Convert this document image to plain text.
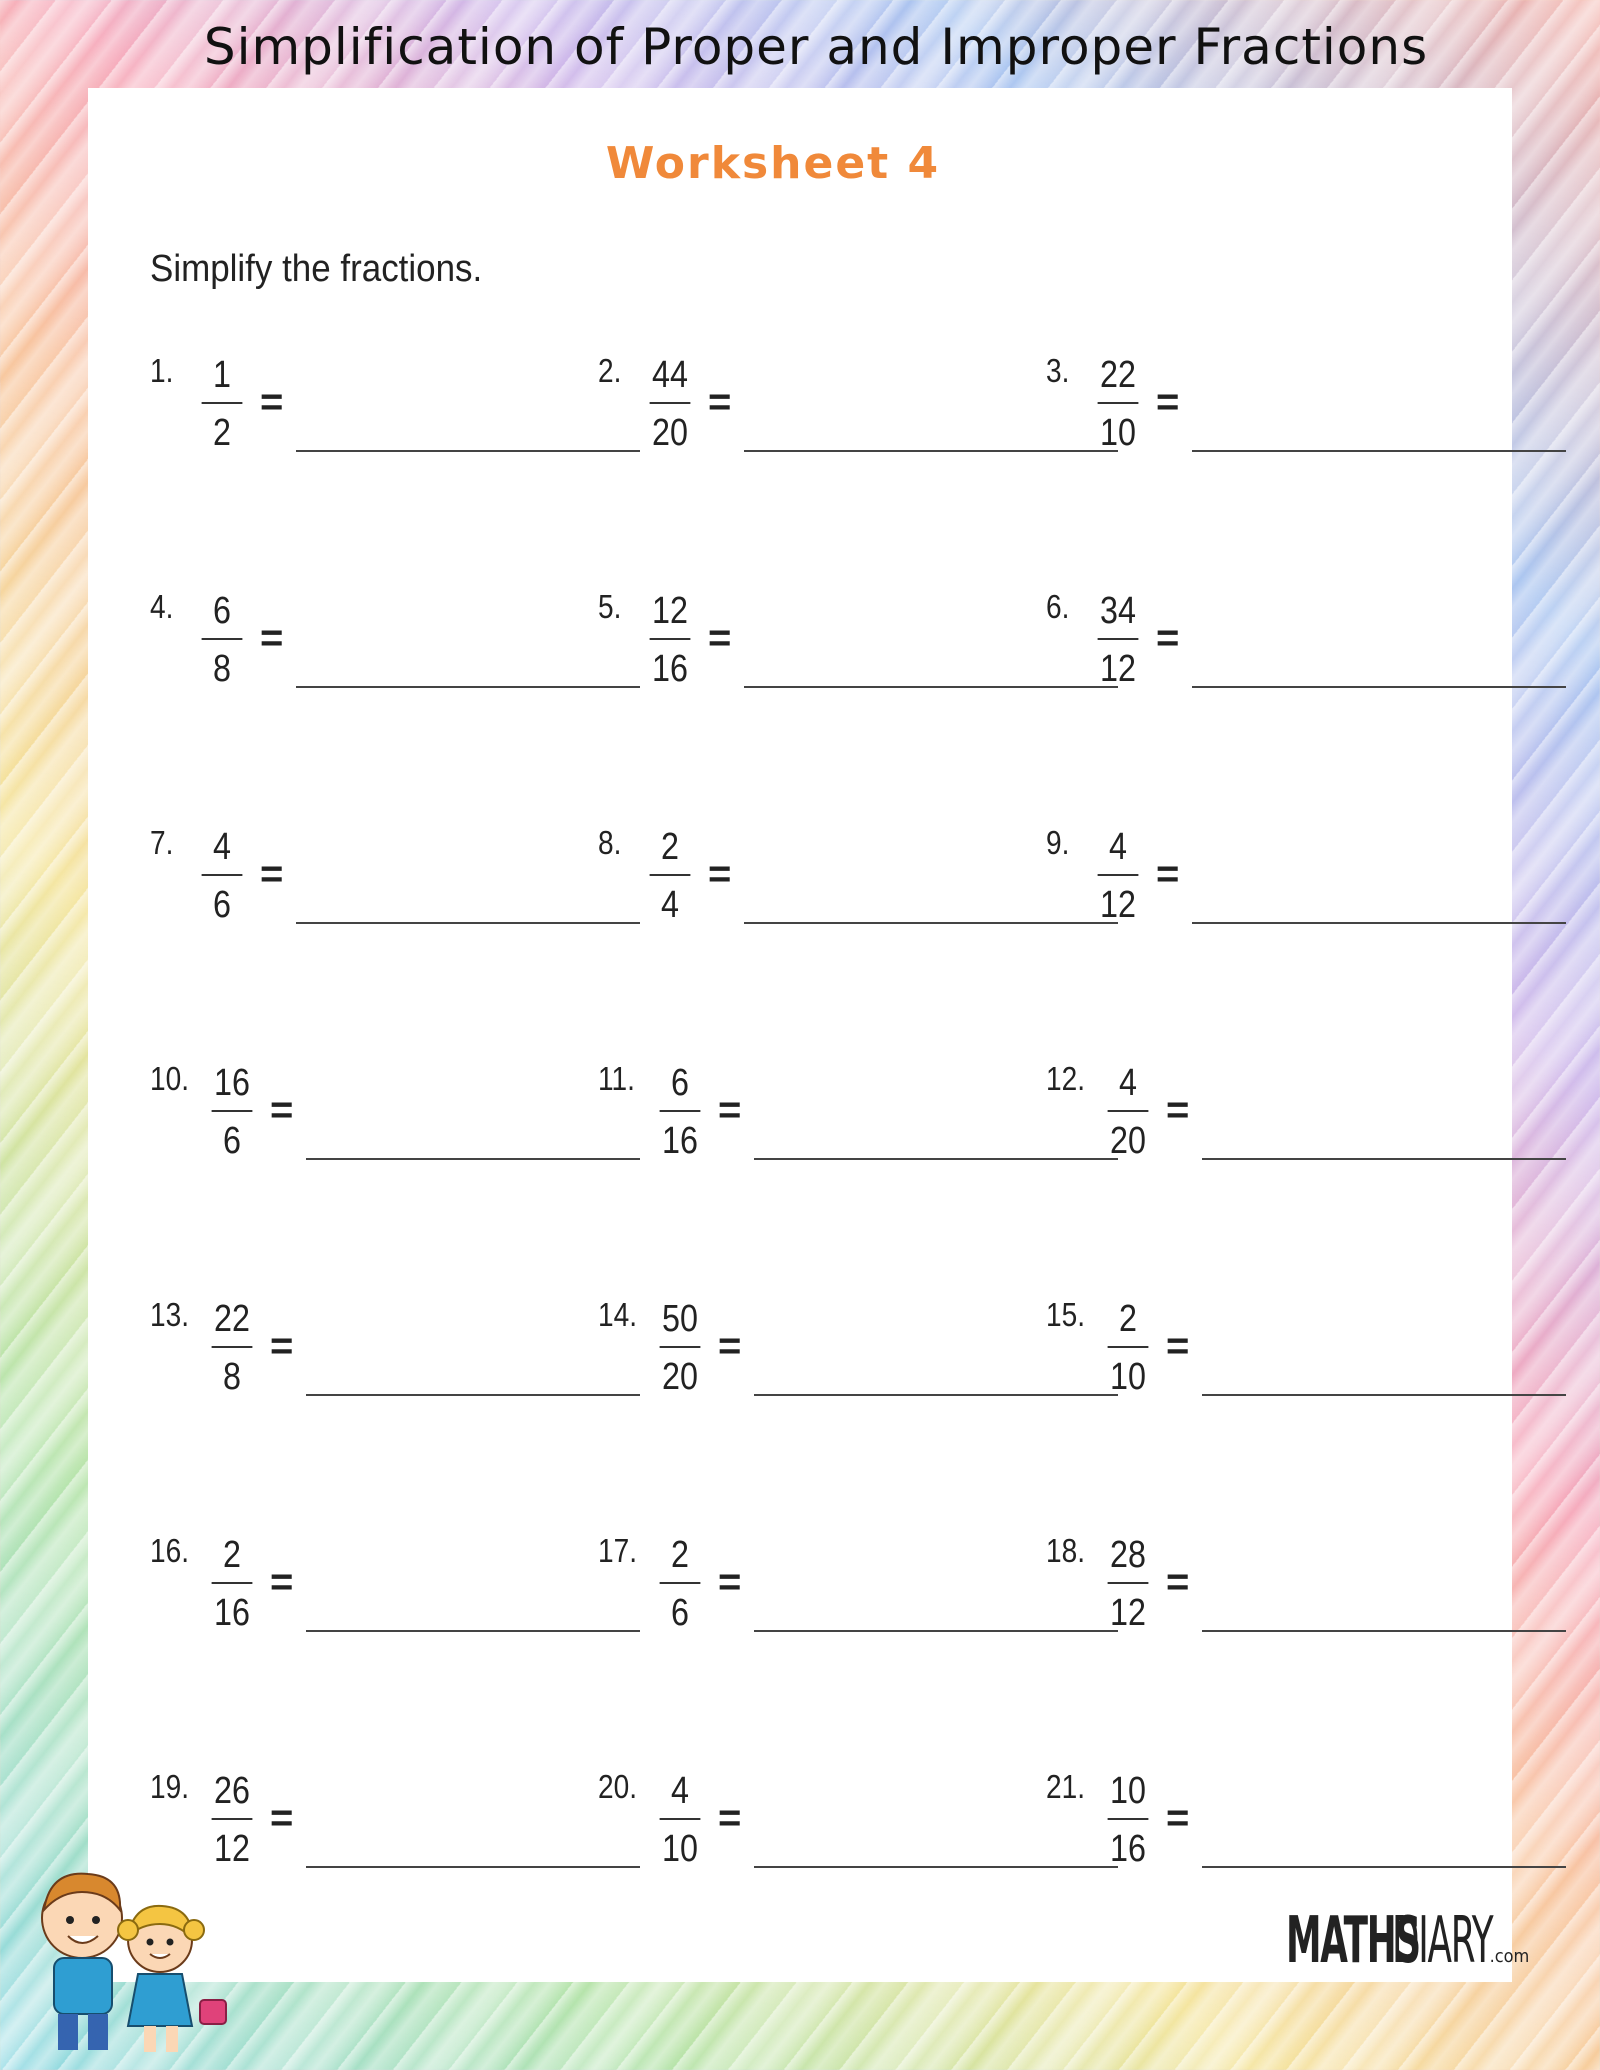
Simplification of Proper and Improper Fractions
Worksheet 4
Simplify the fractions.
1. $\frac{1}{2}$ =
2. $\frac{44}{20}$ =
3. $\frac{22}{10}$ =
4. $\frac{6}{8}$ =
5. $\frac{12}{16}$ =
6. $\frac{34}{12}$ =
7. $\frac{4}{6}$ =
8. $\frac{2}{4}$ =
9. $\frac{4}{12}$ =
10. $\frac{16}{6}$ =
11. $\frac{6}{16}$ =
12. $\frac{4}{20}$ =
13. $\frac{22}{8}$ =
14. $\frac{50}{20}$ =
15. $\frac{2}{10}$ =
16. $\frac{2}{16}$ =
17. $\frac{2}{6}$ =
18. $\frac{28}{12}$ =
19. $\frac{26}{12}$ =
20. $\frac{4}{10}$ =
21. $\frac{10}{16}$ =
MATHSDIARY.com
